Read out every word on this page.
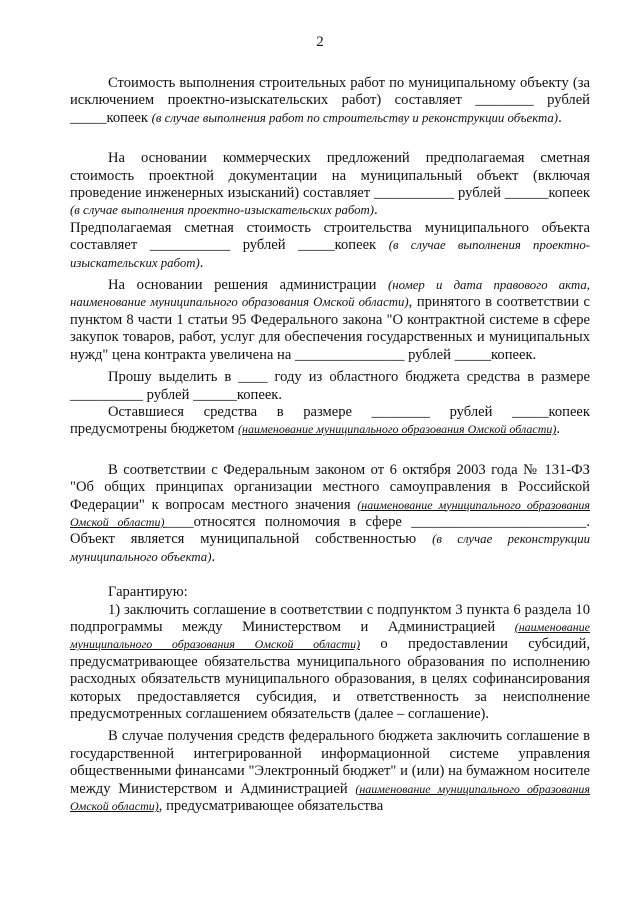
2

Стоимость выполнения строительных работ по муниципальному объекту (за исключением проектно-изыскательских работ) составляет ________ рублей _____копеек (в случае выполнения работ по строительству и реконструкции объекта).

На основании коммерческих предложений предполагаемая сметная стоимость проектной документации на муниципальный объект (включая проведение инженерных изысканий) составляет ___________ рублей ______копеек (в случае выполнения проектно-изыскательских работ).

Предполагаемая сметная стоимость строительства муниципального объекта составляет ___________ рублей _____копеек (в случае выполнения проектно-изыскательских работ).

На основании решения администрации (номер и дата правового акта, наименование муниципального образования Омской области), принятого в соответствии с пунктом 8 части 1 статьи 95 Федерального закона "О контрактной системе в сфере закупок товаров, работ, услуг для обеспечения государственных и муниципальных нужд" цена контракта увеличена на _______________ рублей _____копеек.

Прошу выделить в ____ году из областного бюджета средства в размере __________ рублей ______копеек.

Оставшиеся средства в размере ________ рублей _____копеек предусмотрены бюджетом (наименование муниципального образования Омской области).

В соответствии с Федеральным законом от 6 октября 2003 года № 131-ФЗ "Об общих принципах организации местного самоуправления в Российской Федерации" к вопросам местного значения (наименование муниципального образования Омской области)____относятся полномочия в сфере ________________________. Объект является муниципальной собственностью (в случае реконструкции муниципального объекта).

Гарантирую:

1) заключить соглашение в соответствии с подпунктом 3 пункта 6 раздела 10 подпрограммы между Министерством и Администрацией (наименование муниципального образования Омской области) о предоставлении субсидий, предусматривающее обязательства муниципального образования по исполнению расходных обязательств муниципального образования, в целях софинансирования которых предоставляется субсидия, и ответственность за неисполнение предусмотренных соглашением обязательств (далее – соглашение).

В случае получения средств федерального бюджета заключить соглашение в государственной интегрированной информационной системе управления общественными финансами "Электронный бюджет" и (или) на бумажном носителе между Министерством и Администрацией (наименование муниципального образования Омской области), предусматривающее обязательства
